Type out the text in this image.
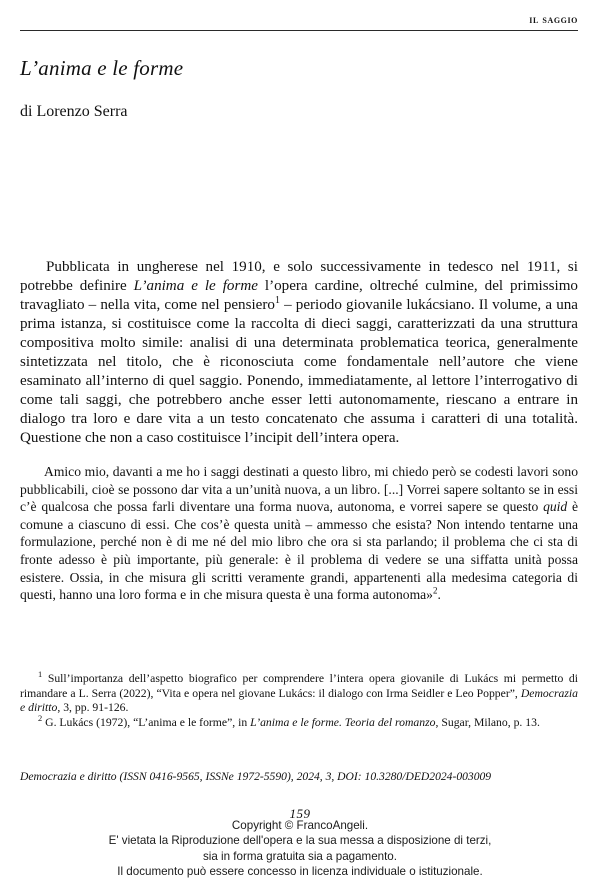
il saggio
L’anima e le forme
di Lorenzo Serra

Pubblicata in ungherese nel 1910, e solo successivamente in tedesco nel 1911, si potrebbe definire L’anima e le forme l’opera cardine, oltreché culmine, del primissimo travagliato – nella vita, come nel pensiero$^1$ – periodo giovanile lukácsiano. Il volume, a una prima istanza, si costituisce come la raccolta di dieci saggi, caratterizzati da una struttura compositiva molto simile: analisi di una determinata problematica teorica, generalmente sintetizzata nel titolo, che è riconosciuta come fondamentale nell’autore che viene esaminato all’interno di quel saggio. Ponendo, immediatamente, al lettore l’interrogativo di come tali saggi, che potrebbero anche esser letti autonomamente, riescano a entrare in dialogo tra loro e dare vita a un testo concatenato che assuma i caratteri di una totalità. Questione che non a caso costituisce l’incipit dell’intera opera.

Amico mio, davanti a me ho i saggi destinati a questo libro, mi chiedo però se codesti lavori sono pubblicabili, cioè se possono dar vita a un’unità nuova, a un libro. [...] Vorrei sapere soltanto se in essi c’è qualcosa che possa farli diventare una forma nuova, autonoma, e vorrei sapere se questo quid è comune a ciascuno di essi. Che cos’è questa unità – ammesso che esista? Non intendo tentarne una formulazione, perché non è di me né del mio libro che ora si sta parlando; il problema che ci sta di fronte adesso è più importante, più generale: è il problema di vedere se una siffatta unità possa esistere. Ossia, in che misura gli scritti veramente grandi, appartenenti alla medesima categoria di questi, hanno una loro forma e in che misura questa è una forma autonoma»$^2$.

$^1$ Sull’importanza dell’aspetto biografico per comprendere l’intera opera giovanile di Lukács mi permetto di rimandare a L. Serra (2022), “Vita e opera nel giovane Lukács: il dialogo con Irma Seidler e Leo Popper”, Democrazia e diritto, 3, pp. 91-126.

$^2$ G. Lukács (1972), “L’anima e le forme”, in L’anima e le forme. Teoria del romanzo, Sugar, Milano, p. 13.

Democrazia e diritto (ISSN 0416-9565, ISSNe 1972-5590), 2024, 3, DOI: 10.3280/DED2024-003009
159
Copyright © FrancoAngeli.
E' vietata la Riproduzione dell'opera e la sua messa a disposizione di terzi,
sia in forma gratuita sia a pagamento.
Il documento può essere concesso in licenza individuale o istituzionale.
